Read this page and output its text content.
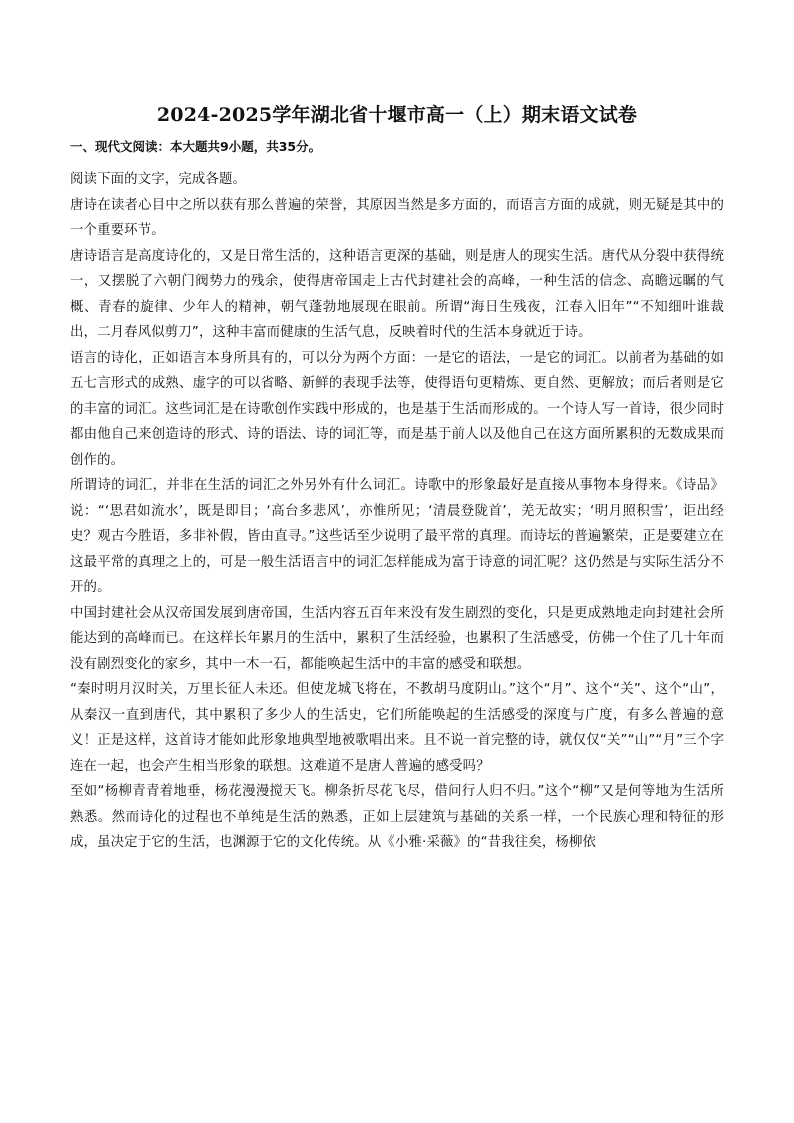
2024-2025学年湖北省十堰市高一（上）期末语文试卷
一、现代文阅读：本大题共9小题，共35分。

阅读下面的文字，完成各题。

唐诗在读者心目中之所以获有那么普遍的荣誉，其原因当然是多方面的，而语言方面的成就，则无疑是其中的一个重要环节。

唐诗语言是高度诗化的，又是日常生活的，这种语言更深的基础，则是唐人的现实生活。唐代从分裂中获得统一，又摆脱了六朝门阀势力的残余，使得唐帝国走上古代封建社会的高峰，一种生活的信念、高瞻远瞩的气概、青春的旋律、少年人的精神，朝气蓬勃地展现在眼前。所谓“海日生残夜，江春入旧年”“不知细叶谁裁出，二月春风似剪刀”，这种丰富而健康的生活气息，反映着时代的生活本身就近于诗。

语言的诗化，正如语言本身所具有的，可以分为两个方面：一是它的语法，一是它的词汇。以前者为基础的如五七言形式的成熟、虚字的可以省略、新鲜的表现手法等，使得语句更精炼、更自然、更解放；而后者则是它的丰富的词汇。这些词汇是在诗歌创作实践中形成的，也是基于生活而形成的。一个诗人写一首诗，很少同时都由他自己来创造诗的形式、诗的语法、诗的词汇等，而是基于前人以及他自己在这方面所累积的无数成果而创作的。

所谓诗的词汇，并非在生活的词汇之外另外有什么词汇。诗歌中的形象最好是直接从事物本身得来。《诗品》说：“‘思君如流水’，既是即目；‘高台多悲风’，亦惟所见；‘清晨登陇首’，羌无故实；‘明月照积雪’，讵出经史？观古今胜语，多非补假，皆由直寻。”这些话至少说明了最平常的真理。而诗坛的普遍繁荣，正是要建立在这最平常的真理之上的，可是一般生活语言中的词汇怎样能成为富于诗意的词汇呢？这仍然是与实际生活分不开的。

中国封建社会从汉帝国发展到唐帝国，生活内容五百年来没有发生剧烈的变化，只是更成熟地走向封建社会所能达到的高峰而已。在这样长年累月的生活中，累积了生活经验，也累积了生活感受，仿佛一个住了几十年而没有剧烈变化的家乡，其中一木一石，都能唤起生活中的丰富的感受和联想。

“秦时明月汉时关，万里长征人未还。但使龙城飞将在，不教胡马度阴山。”这个“月”、这个“关”、这个“山”，从秦汉一直到唐代，其中累积了多少人的生活史，它们所能唤起的生活感受的深度与广度，有多么普遍的意义！正是这样，这首诗才能如此形象地典型地被歌唱出来。且不说一首完整的诗，就仅仅“关”“山”“月”三个字连在一起，也会产生相当形象的联想。这难道不是唐人普遍的感受吗？

至如“杨柳青青着地垂，杨花漫漫搅天飞。柳条折尽花飞尽，借问行人归不归。”这个“柳”又是何等地为生活所熟悉。然而诗化的过程也不单纯是生活的熟悉，正如上层建筑与基础的关系一样，一个民族心理和特征的形成，虽决定于它的生活，也渊源于它的文化传统。从《小雅·采薇》的“昔我往矣，杨柳依
